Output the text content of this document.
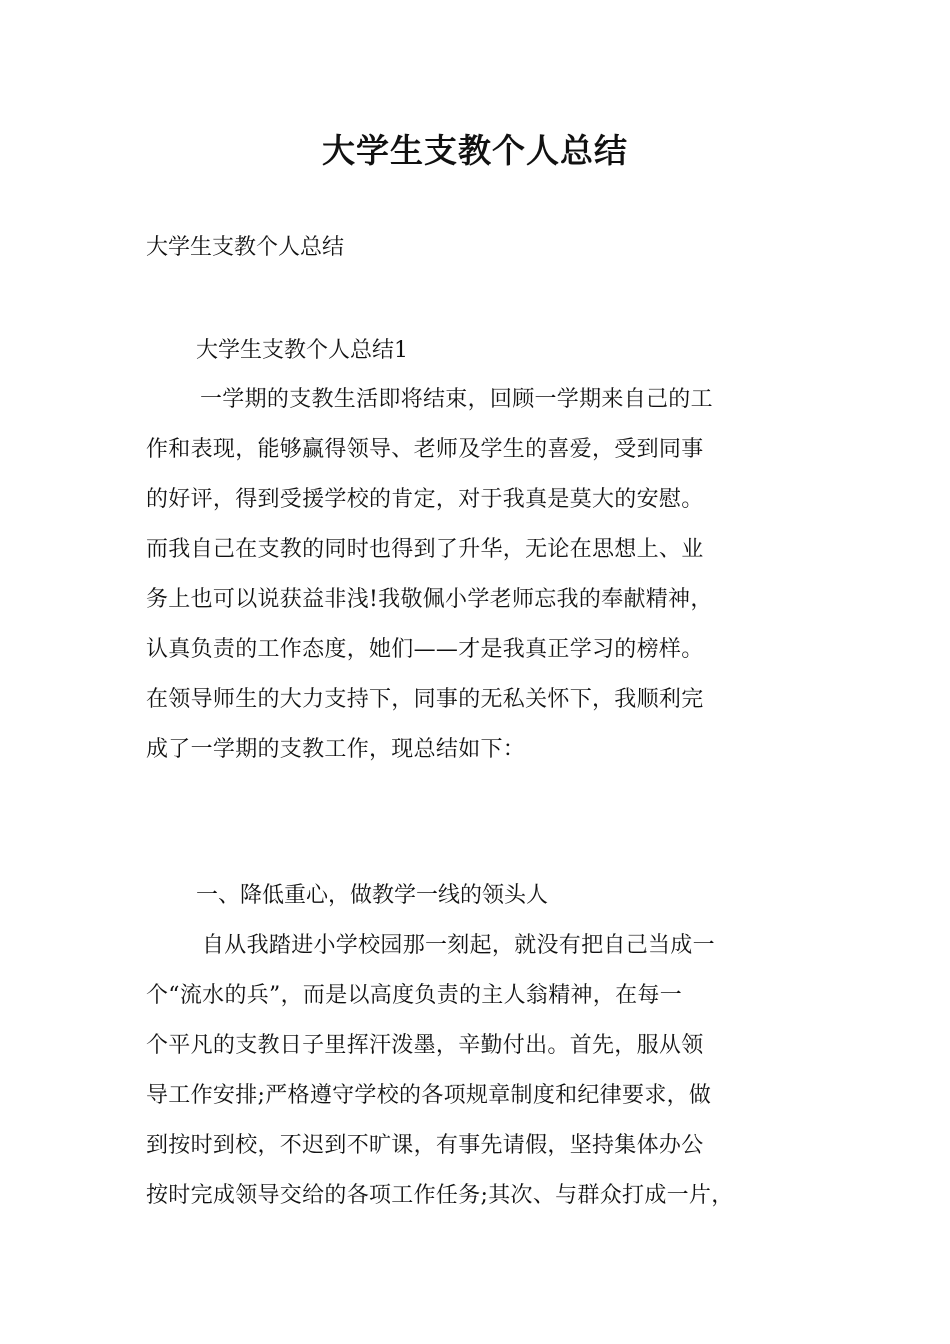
大学生支教个人总结
大学生支教个人总结
大学生支教个人总结1
一学期的支教生活即将结束，回顾一学期来自己的工
作和表现，能够赢得领导、老师及学生的喜爱，受到同事
的好评，得到受援学校的肯定，对于我真是莫大的安慰。
而我自己在支教的同时也得到了升华，无论在思想上、业
务上也可以说获益非浅!我敬佩小学老师忘我的奉献精神，
认真负责的工作态度，她们——才是我真正学习的榜样。
在领导师生的大力支持下，同事的无私关怀下，我顺利完
成了一学期的支教工作，现总结如下：
一、降低重心，做教学一线的领头人
自从我踏进小学校园那一刻起，就没有把自己当成一
个“流水的兵”，而是以高度负责的主人翁精神，在每一
个平凡的支教日子里挥汗泼墨，辛勤付出。首先，服从领
导工作安排;严格遵守学校的各项规章制度和纪律要求，做
到按时到校，不迟到不旷课，有事先请假，坚持集体办公
按时完成领导交给的各项工作任务;其次、与群众打成一片，
